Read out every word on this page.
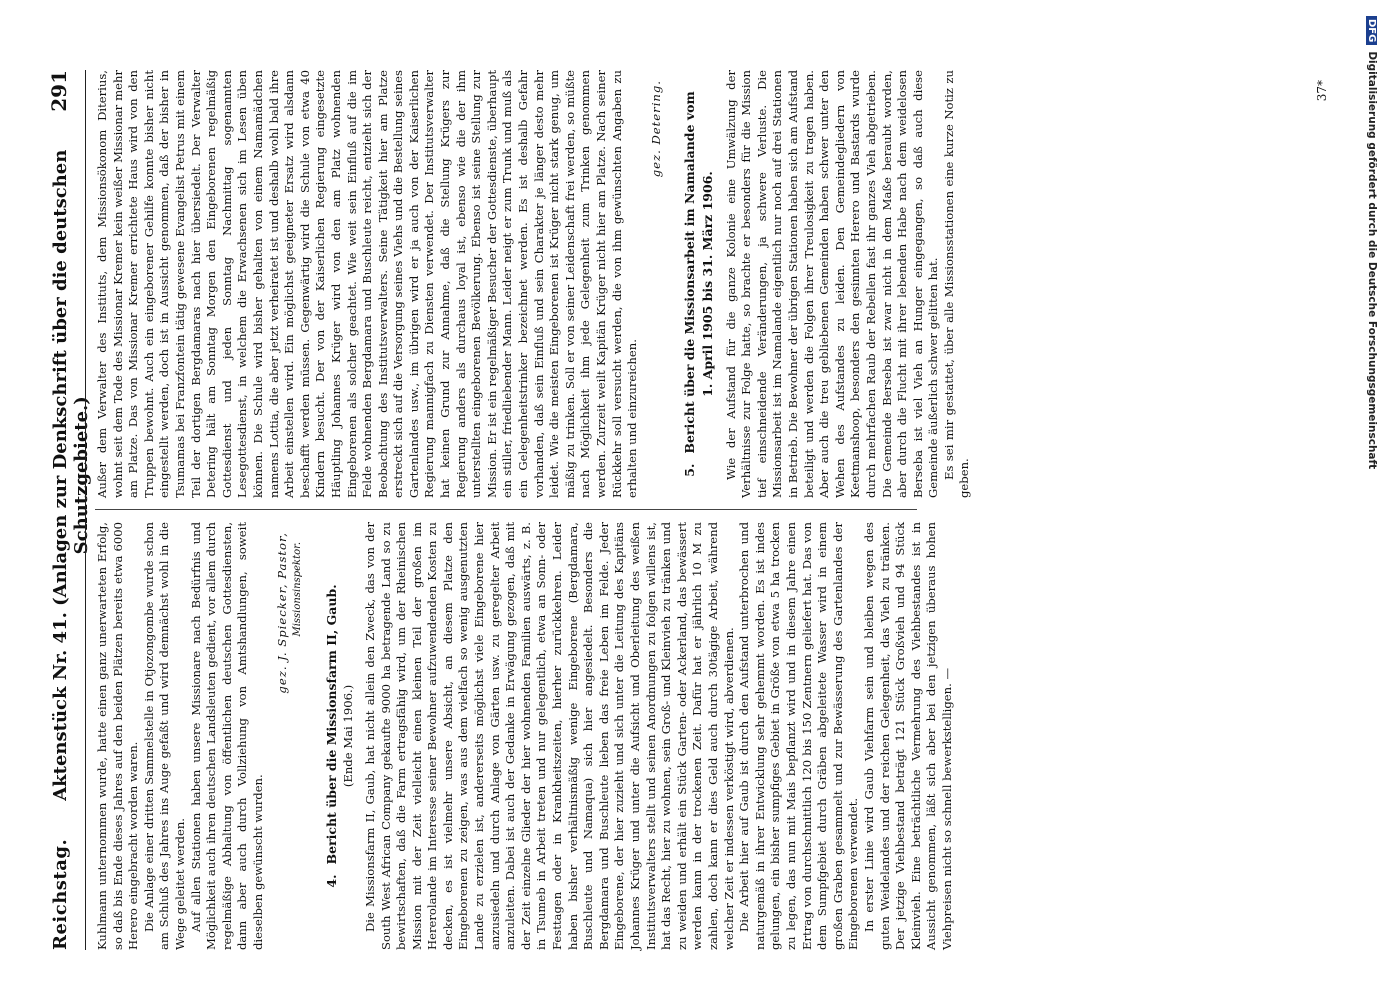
Reichstag.
Aktenstück Nr. 41. (Anlagen zur Denkschrift über die deutschen Schutzgebiete.)
291

Kuhlmann unternommen wurde, hatte einen ganz unerwarteten Erfolg, so daß bis Ende dieses Jahres auf den beiden Plätzen bereits etwa 6000 Herero eingebracht worden waren. Die Anlage einer dritten Sammelstelle in Otjozongombe wurde schon am Schluß des Jahres ins Auge gefaßt und wird demnächst wohl in die Wege geleitet werden. Auf allen Stationen haben unsere Missionare nach Bedürfnis und Möglichkeit auch ihren deutschen Landsleuten gedient, vor allem durch regelmäßige Abhaltung von öffentlichen deutschen Gottesdiensten, dann aber auch durch Vollziehung von Amtshandlungen, soweit dieselben gewünscht wurden.

gez. J. Spiecker, Pastor, Missionsinspektor.

4.Bericht über die Missionsfarm II, Gaub. (Ende Mai 1906.) Die Missionsfarm II, Gaub, hat nicht allein den Zweck, das von der South West African Company gekaufte 9000 ha betragende Land so zu bewirtschaften, daß die Farm ertragsfähig wird, um der Rheinischen Mission mit der Zeit vielleicht einen kleinen Teil der großen im Hererolande im Interesse seiner Bewohner aufzuwendenden Kosten zu decken, es ist vielmehr unsere Absicht, an diesem Platze den Eingeborenen zu zeigen, was aus dem vielfach so wenig ausgenutzten Lande zu erzielen ist, andererseits möglichst viele Eingeborene hier anzusiedeln und durch Anlage von Gärten usw. zu geregelter Arbeit anzuleiten. Dabei ist auch der Gedanke in Erwägung gezogen, daß mit der Zeit einzelne Glieder der hier wohnenden Familien auswärts, z. B. in Tsumeb in Arbeit treten und nur gelegentlich, etwa an Sonn- oder Festtagen oder in Krankheitszeiten, hierher zurückkehren. Leider haben bisher verhältnismäßig wenige Eingeborene (Bergdamara, Buschleute und Namaqua) sich hier angesiedelt. Besonders die Bergdamara und Buschleute lieben das freie Leben im Felde. Jeder Eingeborene, der hier zuzieht und sich unter die Leitung des Kapitäns Johannes Krüger und unter die Aufsicht und Oberleitung des weißen Institutsverwalters stellt und seinen Anordnungen zu folgen willens ist, hat das Recht, hier zu wohnen, sein Groß- und Kleinvieh zu tränken und zu weiden und erhält ein Stück Garten- oder Ackerland, das bewässert werden kann in der trockenen Zeit. Dafür hat er jährlich 10 M zu zahlen, doch kann er dies Geld auch durch 30tägige Arbeit, während welcher Zeit er indessen verköstigt wird, abverdienen. Die Arbeit hier auf Gaub ist durch den Aufstand unterbrochen und naturgemäß in ihrer Entwicklung sehr gehemmt worden. Es ist indes gelungen, ein bisher sumpfiges Gebiet in Größe von etwa 5 ha trocken zu legen, das nun mit Mais bepflanzt wird und in diesem Jahre einen Ertrag von durchschnittlich 120 bis 150 Zentnern geliefert hat. Das von dem Sumpfgebiet durch Gräben abgeleitete Wasser wird in einem großen Graben gesammelt und zur Bewässerung des Gartenlandes der Eingeborenen verwendet. In erster Linie wird Gaub Viehfarm sein und bleiben wegen des guten Weidelandes und der reichen Gelegenheit, das Vieh zu tränken. Der jetzige Viehbestand beträgt 121 Stück Großvieh und 94 Stück Kleinvieh. Eine beträchtliche Vermehrung des Viehbestandes ist in Aussicht genommen, läßt sich aber bei den jetzigen überaus hohen Viehpreisen nicht so schnell bewerkstelligen. —

Außer dem Verwalter des Instituts, dem Missionsökonom Diterius, wohnt seit dem Tode des Missionar Kremer kein weißer Missionar mehr am Platze. Das von Missionar Kremer errichtete Haus wird von den Truppen bewohnt. Auch ein eingeborener Gehilfe konnte bisher nicht eingestellt werden, doch ist in Aussicht genommen, daß der bisher in Tsumamas bei Franzfontein tätig gewesene Evangelist Petrus mit einem Teil der dortigen Bergdamaras nach hier übersiedelt. Der Verwalter Detering hält am Sonntag Morgen den Eingeborenen regelmäßig Gottesdienst und jeden Sonntag Nachmittag sogenannten Lesegottesdienst, in welchem die Erwachsenen sich im Lesen üben können. Die Schule wird bisher gehalten von einem Namamädchen namens Lottia, die aber jetzt verheiratet ist und deshalb wohl bald ihre Arbeit einstellen wird. Ein möglichst geeigneter Ersatz wird alsdann beschafft werden müssen. Gegenwärtig wird die Schule von etwa 40 Kindern besucht. Der von der Kaiserlichen Regierung eingesetzte Häuptling Johannes Krüger wird von den am Platz wohnenden Eingeborenen als solcher geachtet. Wie weit sein Einfluß auf die im Felde wohnenden Bergdamara und Buschleute reicht, entzieht sich der Beobachtung des Institutsverwalters. Seine Tätigkeit hier am Platze erstreckt sich auf die Versorgung seines Viehs und die Bestellung seines Gartenlandes usw., im übrigen wird er ja auch von der Kaiserlichen Regierung mannigfach zu Diensten verwendet. Der Institutsverwalter hat keinen Grund zur Annahme, daß die Stellung Krügers zur Regierung anders als durchaus loyal ist, ebenso wie die der ihm unterstellten eingeborenen Bevölkerung. Ebenso ist seine Stellung zur Mission. Er ist ein regelmäßiger Besucher der Gottesdienste, überhaupt ein stiller, friedliebender Mann. Leider neigt er zum Trunk und muß als ein Gelegenheitstrinker bezeichnet werden. Es ist deshalb Gefahr vorhanden, daß sein Einfluß und sein Charakter je länger desto mehr leidet. Wie die meisten Eingeborenen ist Krüger nicht stark genug, um mäßig zu trinken. Soll er von seiner Leidenschaft frei werden, so müßte nach Möglichkeit ihm jede Gelegenheit zum Trinken genommen werden. Zurzeit weilt Kapitän Krüger nicht hier am Platze. Nach seiner Rückkehr soll versucht werden, die von ihm gewünschten Angaben zu erhalten und einzureichen.

gez. Detering.

5.Bericht über die Missionsarbeit im Namalande vom 1. April 1905 bis 31. März 1906. Wie der Aufstand für die ganze Kolonie eine Umwälzung der Verhältnisse zur Folge hatte, so brachte er besonders für die Mission tief einschneidende Veränderungen, ja schwere Verluste. Die Missionsarbeit ist im Namalande eigentlich nur noch auf drei Stationen in Betrieb. Die Bewohner der übrigen Stationen haben sich am Aufstand beteiligt und werden die Folgen ihrer Treulosigkeit zu tragen haben. Aber auch die treu gebliebenen Gemeinden haben schwer unter den Wehen des Aufstandes zu leiden. Den Gemeindegliedern von Keetmanshoop, besonders den gesinnten Herero und Bastards wurde durch mehrfachen Raub der Rebellen fast ihr ganzes Vieh abgetrieben. Die Gemeinde Berseba ist zwar nicht in dem Maße beraubt worden, aber durch die Flucht mit ihrer lebenden Habe nach dem weidelosen Berseba ist viel Vieh an Hunger eingegangen, so daß auch diese Gemeinde äußerlich schwer gelitten hat. Es sei mir gestattet, über alle Missionsstationen eine kurze Notiz zu geben.

37*
DFGDigitalisierung gefördert durch die Deutsche Forschungsgemeinschaft
